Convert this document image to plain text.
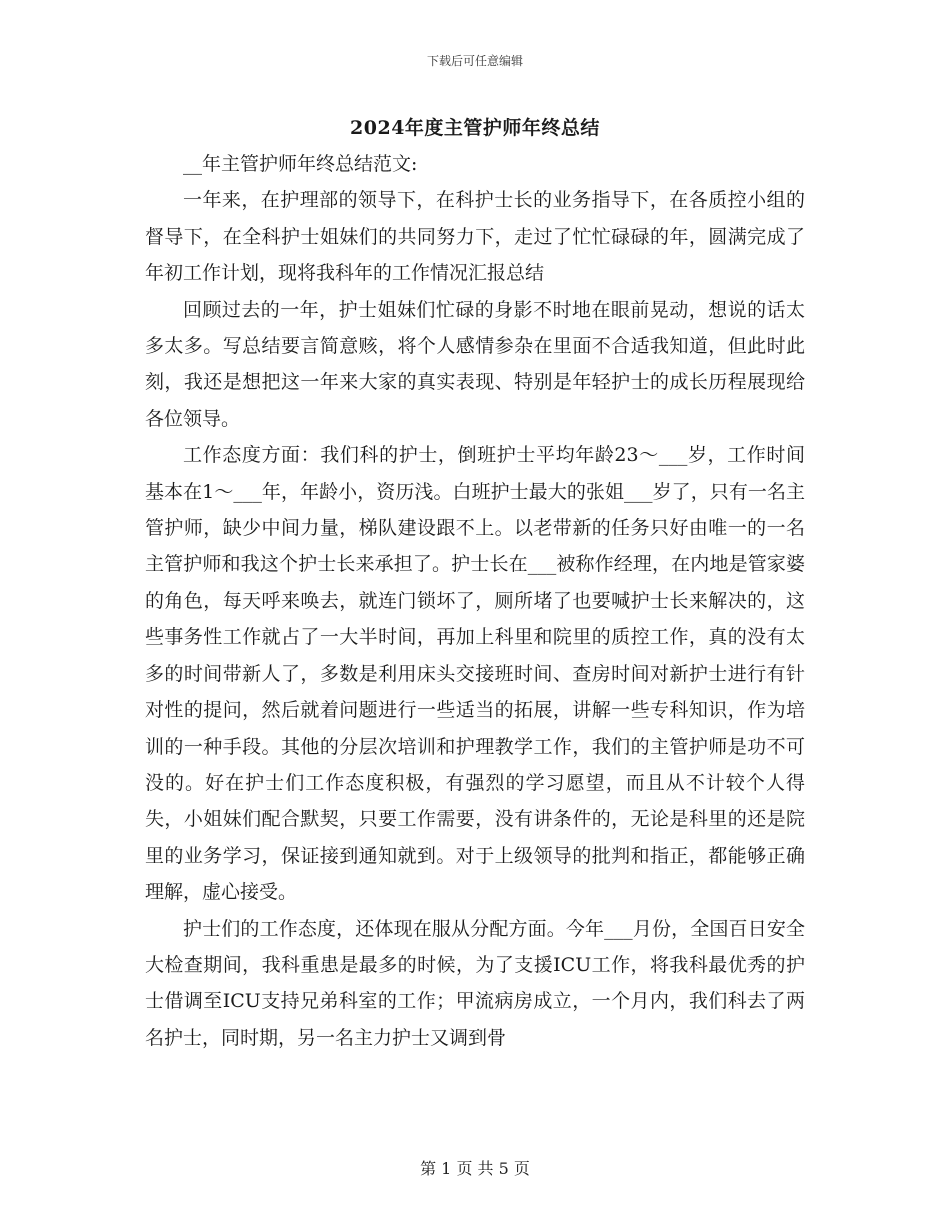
下载后可任意编辑
2024年度主管护师年终总结

__年主管护师年终总结范文:

一年来，在护理部的领导下，在科护士长的业务指导下，在各质控小组的督导下，在全科护士姐妹们的共同努力下，走过了忙忙碌碌的年，圆满完成了年初工作计划，现将我科年的工作情况汇报总结

回顾过去的一年，护士姐妹们忙碌的身影不时地在眼前晃动，想说的话太多太多。写总结要言简意赅，将个人感情参杂在里面不合适我知道，但此时此刻，我还是想把这一年来大家的真实表现、特别是年轻护士的成长历程展现给各位领导。

工作态度方面：我们科的护士，倒班护士平均年龄23～___岁，工作时间基本在1～___年，年龄小，资历浅。白班护士最大的张姐___岁了，只有一名主管护师，缺少中间力量，梯队建设跟不上。以老带新的任务只好由唯一的一名主管护师和我这个护士长来承担了。护士长在___被称作经理，在内地是管家婆的角色，每天呼来唤去，就连门锁坏了，厕所堵了也要喊护士长来解决的，这些事务性工作就占了一大半时间，再加上科里和院里的质控工作，真的没有太多的时间带新人了，多数是利用床头交接班时间、查房时间对新护士进行有针对性的提问，然后就着问题进行一些适当的拓展，讲解一些专科知识，作为培训的一种手段。其他的分层次培训和护理教学工作，我们的主管护师是功不可没的。好在护士们工作态度积极，有强烈的学习愿望，而且从不计较个人得失，小姐妹们配合默契，只要工作需要，没有讲条件的，无论是科里的还是院里的业务学习，保证接到通知就到。对于上级领导的批判和指正，都能够正确理解，虚心接受。

护士们的工作态度，还体现在服从分配方面。今年___月份，全国百日安全大检查期间，我科重患是最多的时候，为了支援ICU工作，将我科最优秀的护士借调至ICU支持兄弟科室的工作；甲流病房成立，一个月内，我们科去了两名护士，同时期，另一名主力护士又调到骨

第 1 页 共 5 页
